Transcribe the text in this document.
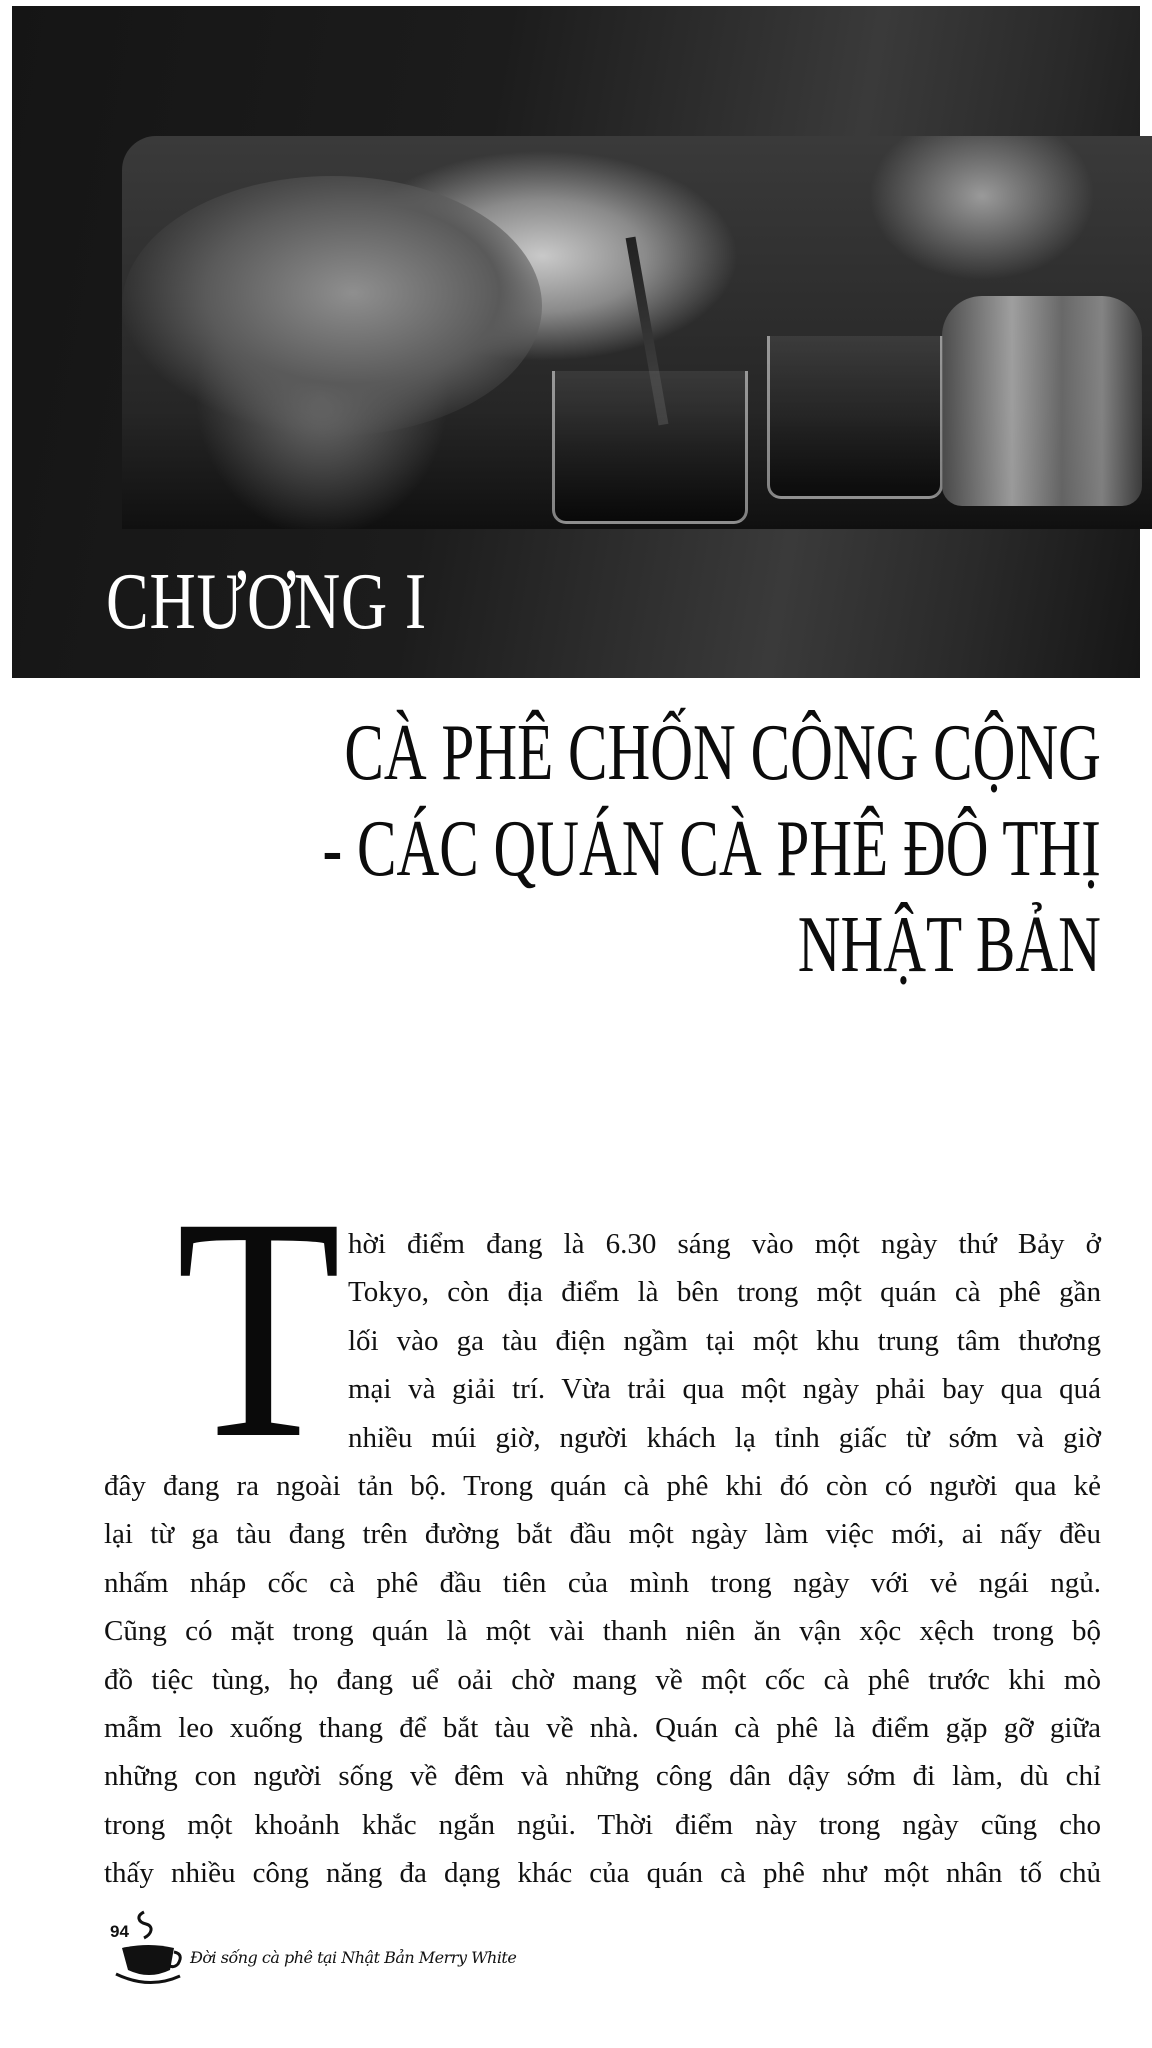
CHƯƠNG I
CÀ PHÊ CHỐN CÔNG CỘNG
- CÁC QUÁN CÀ PHÊ ĐÔ THỊ
NHẬT BẢN
T hời điểm đang là 6.30 sáng vào một ngày thứ Bảy ở
Tokyo, còn địa điểm là bên trong một quán cà phê gần
lối vào ga tàu điện ngầm tại một khu trung tâm thương
mại và giải trí. Vừa trải qua một ngày phải bay qua quá
nhiều múi giờ, người khách lạ tỉnh giấc từ sớm và giờ
đây đang ra ngoài tản bộ. Trong quán cà phê khi đó còn có người qua kẻ
lại từ ga tàu đang trên đường bắt đầu một ngày làm việc mới, ai nấy đều
nhấm nháp cốc cà phê đầu tiên của mình trong ngày với vẻ ngái ngủ.
Cũng có mặt trong quán là một vài thanh niên ăn vận xộc xệch trong bộ
đồ tiệc tùng, họ đang uể oải chờ mang về một cốc cà phê trước khi mò
mẫm leo xuống thang để bắt tàu về nhà. Quán cà phê là điểm gặp gỡ giữa
những con người sống về đêm và những công dân dậy sớm đi làm, dù chỉ
trong một khoảnh khắc ngắn ngủi. Thời điểm này trong ngày cũng cho
thấy nhiều công năng đa dạng khác của quán cà phê như một nhân tố chủ
94
Đời sống cà phê tại Nhật Bản Merry White
